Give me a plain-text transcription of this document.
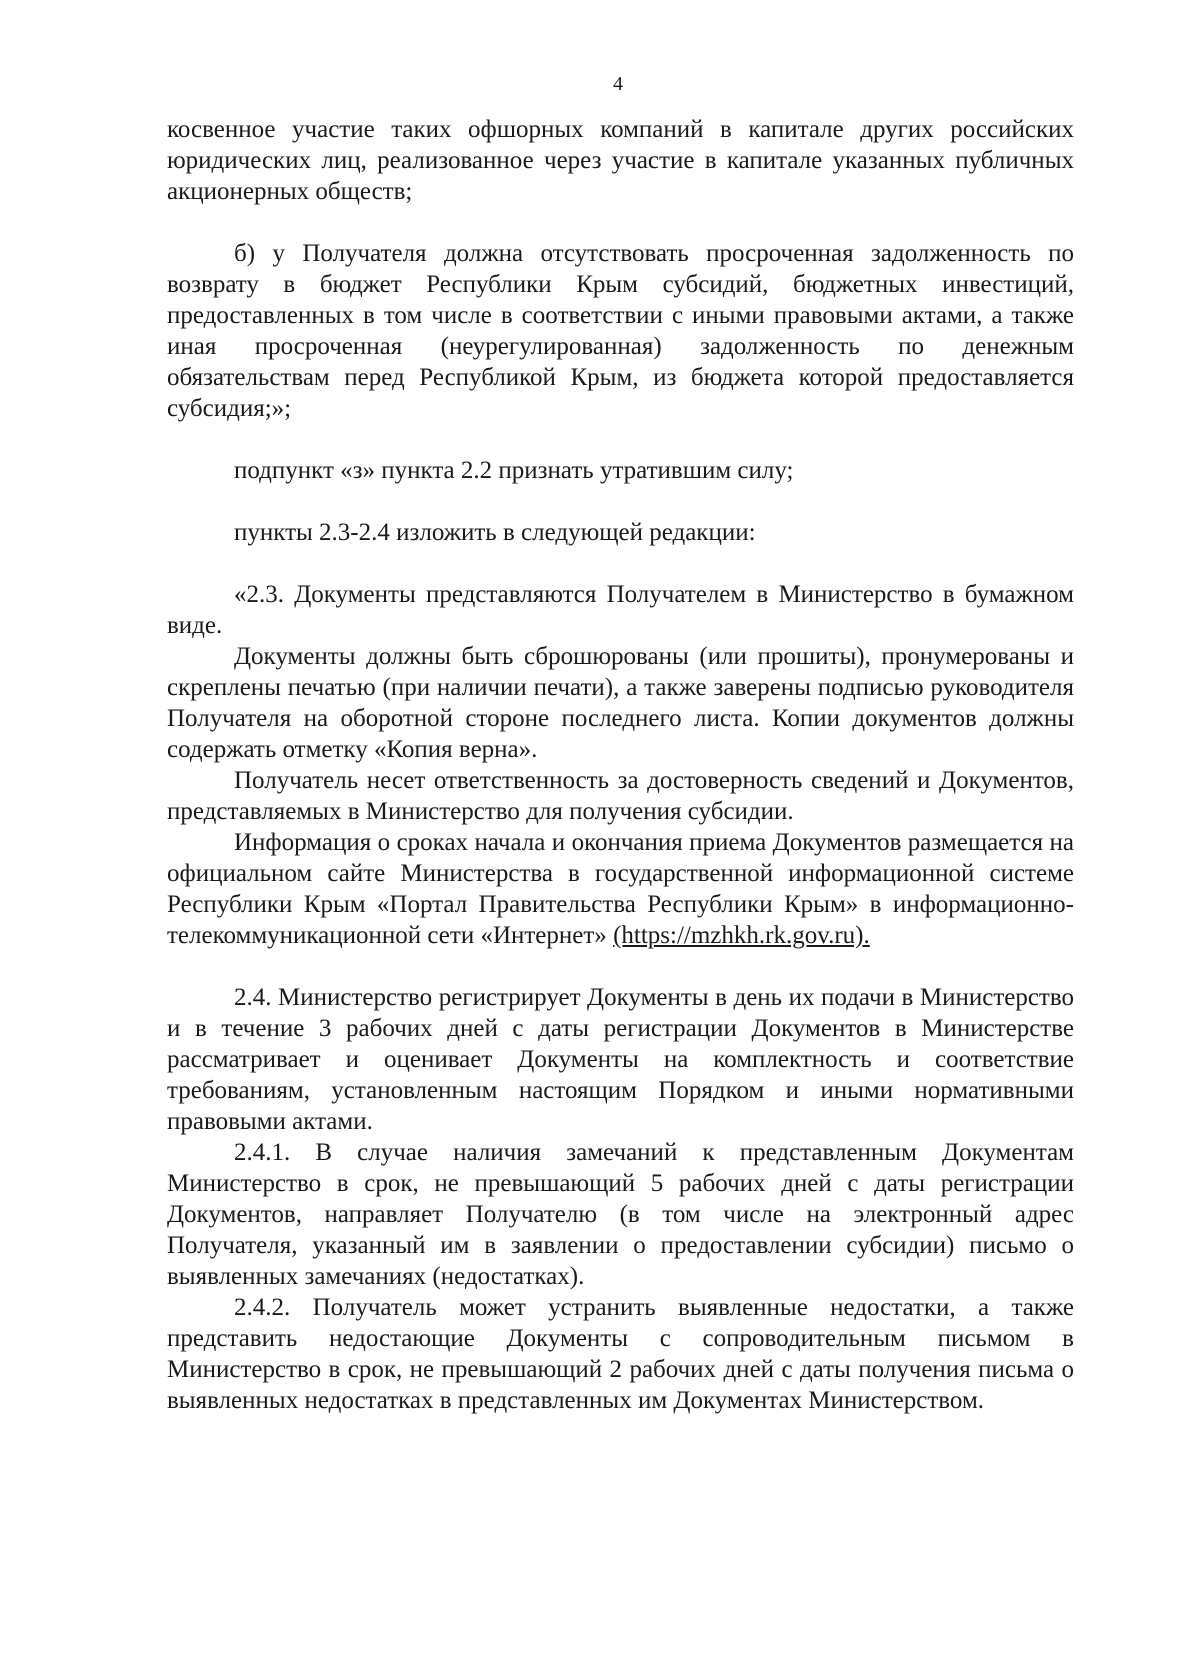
4

косвенное участие таких офшорных компаний в капитале других российских юридических лиц, реализованное через участие в капитале указанных публичных акционерных обществ;

б) у Получателя должна отсутствовать просроченная задолженность по возврату в бюджет Республики Крым субсидий, бюджетных инвестиций, предоставленных в том числе в соответствии с иными правовыми актами, а также иная просроченная (неурегулированная) задолженность по денежным обязательствам перед Республикой Крым, из бюджета которой предоставляется субсидия;»;

подпункт «з» пункта 2.2 признать утратившим силу;

пункты 2.3-2.4 изложить в следующей редакции:

«2.3. Документы представляются Получателем в Министерство в бумажном виде.

Документы должны быть сброшюрованы (или прошиты), пронумерованы и скреплены печатью (при наличии печати), а также заверены подписью руководителя Получателя на оборотной стороне последнего листа. Копии документов должны содержать отметку «Копия верна».

Получатель несет ответственность за достоверность сведений и Документов, представляемых в Министерство для получения субсидии.

Информация о сроках начала и окончания приема Документов размещается на официальном сайте Министерства в государственной информационной системе Республики Крым «Портал Правительства Республики Крым» в информационно-телекоммуникационной сети «Интернет» (https://mzhkh.rk.gov.ru).

2.4. Министерство регистрирует Документы в день их подачи в Министерство и в течение 3 рабочих дней с даты регистрации Документов в Министерстве рассматривает и оценивает Документы на комплектность и соответствие требованиям, установленным настоящим Порядком и иными нормативными правовыми актами.

2.4.1. В случае наличия замечаний к представленным Документам Министерство в срок, не превышающий 5 рабочих дней с даты регистрации Документов, направляет Получателю (в том числе на электронный адрес Получателя, указанный им в заявлении о предоставлении субсидии) письмо о выявленных замечаниях (недостатках).

2.4.2. Получатель может устранить выявленные недостатки, а также представить недостающие Документы с сопроводительным письмом в Министерство в срок, не превышающий 2 рабочих дней с даты получения письма о выявленных недостатках в представленных им Документах Министерством.
